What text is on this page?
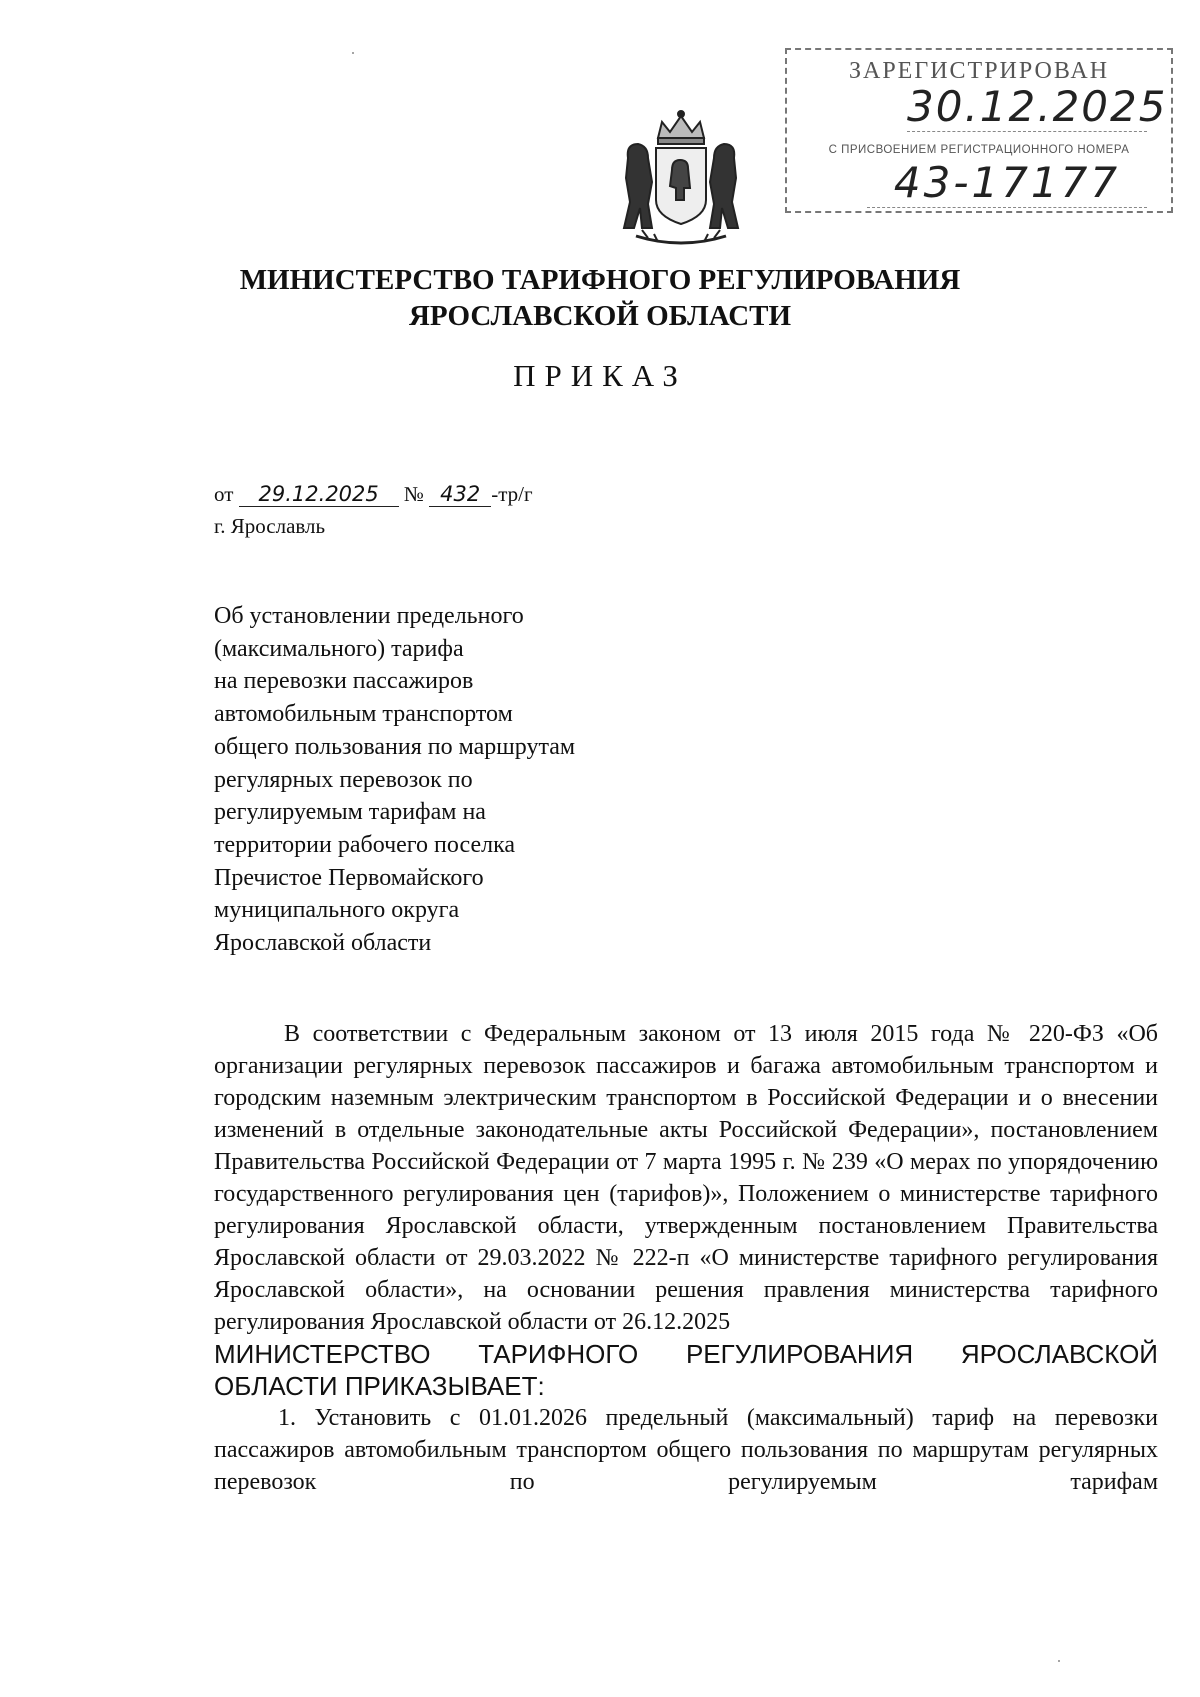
ЗАРЕГИСТРИРОВАН
30.12.2025
С ПРИСВОЕНИЕМ РЕГИСТРАЦИОННОГО НОМЕРА
43-17177
МИНИСТЕРСТВО ТАРИФНОГО РЕГУЛИРОВАНИЯ
ЯРОСЛАВСКОЙ ОБЛАСТИ
ПРИКАЗ
от 29.12.2025 № 432 -тр/г
г. Ярославль
Об установлении предельного
(максимального) тарифа
на перевозки пассажиров
автомобильным транспортом
общего пользования по маршрутам
регулярных перевозок по
регулируемым тарифам на
территории рабочего поселка
Пречистое Первомайского
муниципального округа
Ярославской области

В соответствии с Федеральным законом от 13 июля 2015 года № 220-ФЗ «Об организации регулярных перевозок пассажиров и багажа автомобильным транспортом и городским наземным электрическим транспортом в Российской Федерации и о внесении изменений в отдельные законодательные акты Российской Федерации», постановлением Правительства Российской Федерации от 7 марта 1995 г. № 239 «О мерах по упорядочению государственного регулирования цен (тарифов)», Положением о министерстве тарифного регулирования Ярославской области, утвержденным постановлением Правительства Ярославской области от 29.03.2022 № 222-п «О министерстве тарифного регулирования Ярославской области», на основании решения правления министерства тарифного регулирования Ярославской области от 26.12.2025

МИНИСТЕРСТВО ТАРИФНОГО РЕГУЛИРОВАНИЯ ЯРОСЛАВСКОЙ ОБЛАСТИ ПРИКАЗЫВАЕТ:

1. Установить с 01.01.2026 предельный (максимальный) тариф на перевозки пассажиров автомобильным транспортом общего пользования по маршрутам регулярных перевозок по регулируемым тарифам
